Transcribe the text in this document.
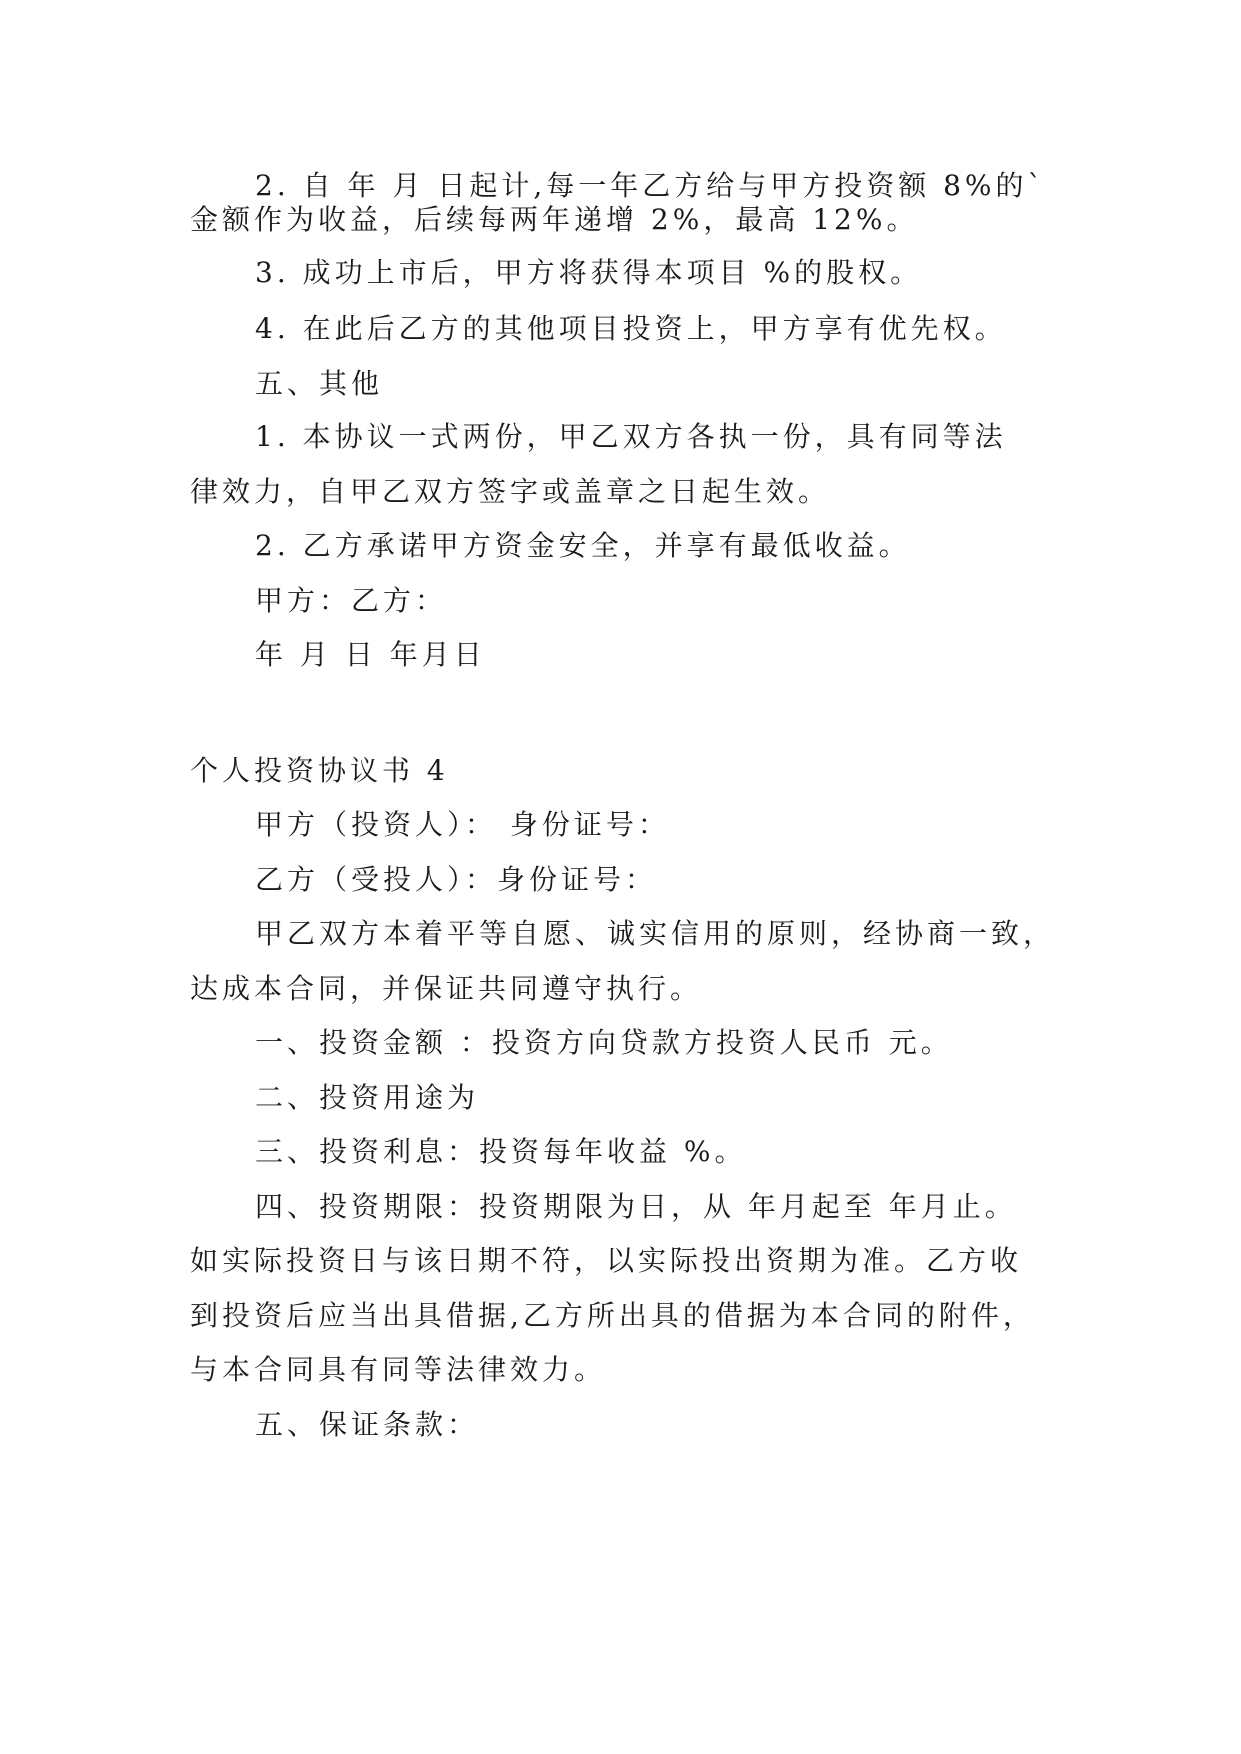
2. 自 年 月 日起计,每一年乙方给与甲方投资额 8%的`
金额作为收益，后续每两年递增 2%，最高 12%。
3. 成功上市后，甲方将获得本项目 %的股权。
4. 在此后乙方的其他项目投资上，甲方享有优先权。
五、其他
1. 本协议一式两份，甲乙双方各执一份，具有同等法
律效力，自甲乙双方签字或盖章之日起生效。
2. 乙方承诺甲方资金安全，并享有最低收益。
甲方：乙方：
年 月 日 年月日
个人投资协议书 4
甲方（投资人）： 身份证号：
乙方（受投人）：身份证号：
甲乙双方本着平等自愿、诚实信用的原则，经协商一致，
达成本合同，并保证共同遵守执行。
一、投资金额 ：投资方向贷款方投资人民币 元。
二、投资用途为
三、投资利息：投资每年收益 %。
四、投资期限：投资期限为日，从 年月起至 年月止。
如实际投资日与该日期不符，以实际投出资期为准。乙方收
到投资后应当出具借据,乙方所出具的借据为本合同的附件，
与本合同具有同等法律效力。
五、保证条款：
